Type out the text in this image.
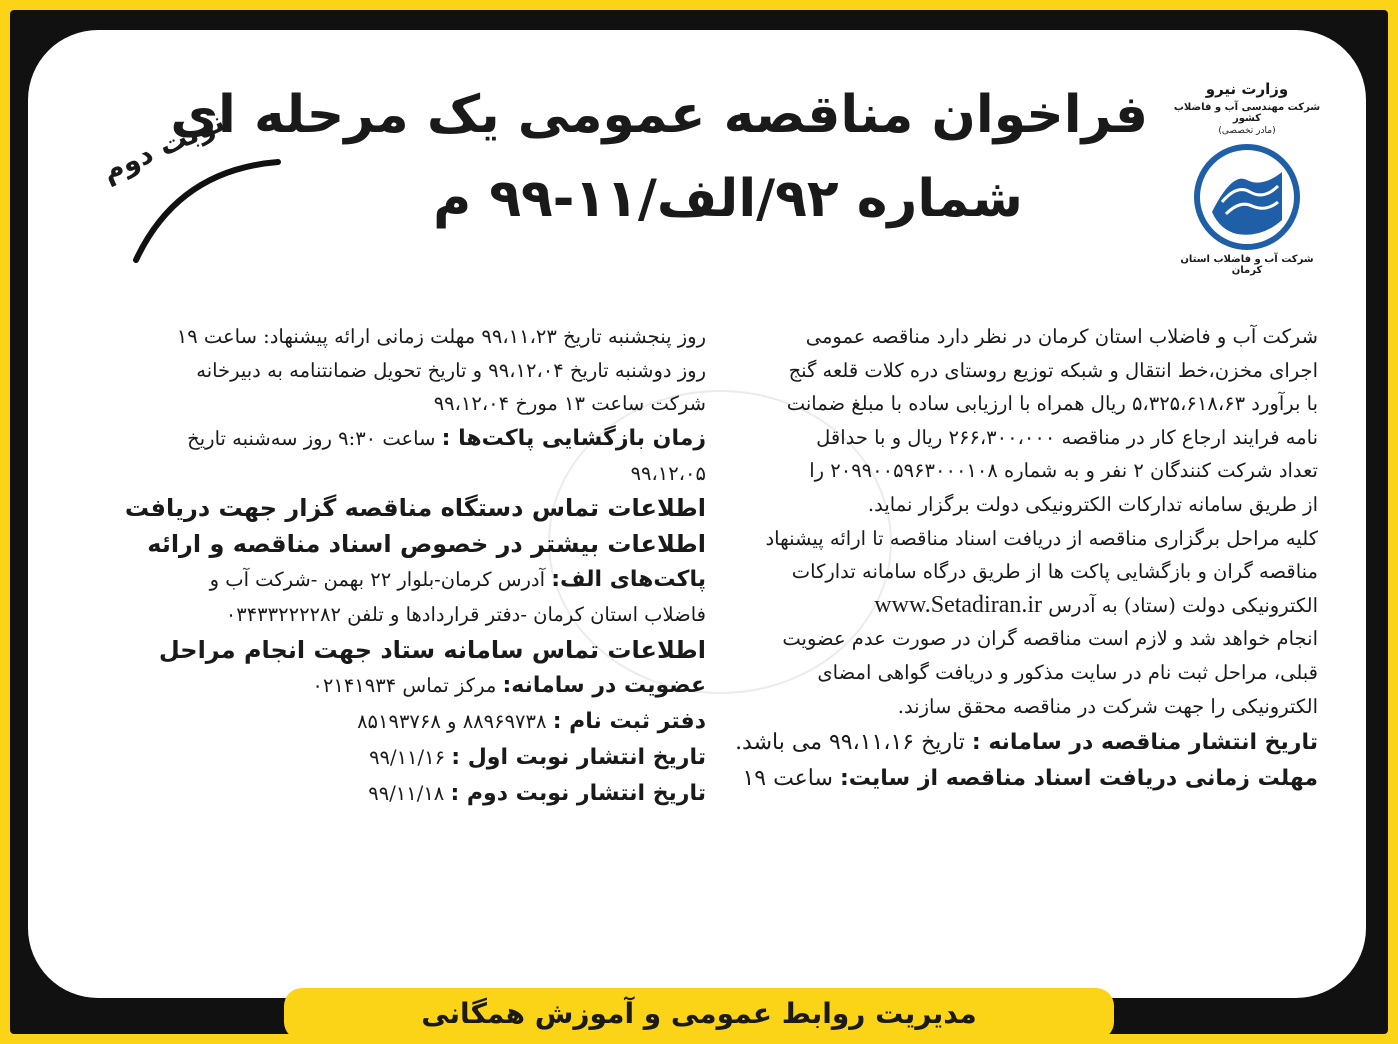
وزارت نیرو
شرکت مهندسی آب و فاضلاب کشور
(مادر تخصصی)
شرکت آب و فاضلاب استان کرمان
فراخوان مناقصه عمومی یک مرحله ای
شماره ۹۲/الف/۱۱-۹۹ م
نوبت دوم
شرکت آب و فاضلاب استان کرمان در نظر دارد مناقصه عمومی
اجرای مخزن،خط انتقال و شبکه توزیع روستای دره کلات قلعه گنج
با برآورد ۵،۳۲۵،۶۱۸،۶۳ ریال همراه با ارزیابی ساده با مبلغ ضمانت
نامه فرایند ارجاع کار در مناقصه ۲۶۶،۳۰۰،۰۰۰ ریال و با حداقل
تعداد شرکت کنندگان ۲ نفر و به شماره ۲۰۹۹۰۰۵۹۶۳۰۰۰۱۰۸ را
از طریق سامانه تدارکات الکترونیکی دولت برگزار نماید.
کلیه مراحل برگزاری مناقصه از دریافت اسناد مناقصه تا ارائه پیشنهاد
مناقصه گران و بازگشایی پاکت ها از طریق درگاه سامانه تدارکات
الکترونیکی دولت (ستاد) به آدرس www.Setadiran.ir
انجام خواهد شد و لازم است مناقصه گران در صورت عدم عضویت
قبلی، مراحل ثبت نام در سایت مذکور و دریافت گواهی امضای
الکترونیکی را جهت شرکت در مناقصه محقق سازند.
تاریخ انتشار مناقصه در سامانه : تاریخ ۹۹،۱۱،۱۶ می باشد.
مهلت زمانی دریافت اسناد مناقصه از سایت: ساعت ۱۹
روز پنجشنبه تاریخ ۹۹،۱۱،۲۳ مهلت زمانی ارائه پیشنهاد: ساعت ۱۹
روز دوشنبه تاریخ ۹۹،۱۲،۰۴ و تاریخ تحویل ضمانتنامه به دبیرخانه
شرکت ساعت ۱۳ مورخ ۹۹،۱۲،۰۴
زمان بازگشایی پاکت‌ها : ساعت ۹:۳۰ روز سه‌شنبه تاریخ
۹۹،۱۲،۰۵
اطلاعات تماس دستگاه مناقصه گزار جهت دریافت
اطلاعات بیشتر در خصوص اسناد مناقصه و ارائه
پاکت‌های الف: آدرس کرمان-بلوار ۲۲ بهمن -شرکت آب و
فاضلاب استان کرمان -دفتر قراردادها و تلفن ۰۳۴۳۳۲۲۲۲۸۲
اطلاعات تماس سامانه ستاد جهت انجام مراحل
عضویت در سامانه: مرکز تماس ۰۲۱۴۱۹۳۴
دفتر ثبت نام : ۸۸۹۶۹۷۳۸ و ۸۵۱۹۳۷۶۸
تاریخ انتشار نوبت اول : ۹۹/۱۱/۱۶
تاریخ انتشار نوبت دوم : ۹۹/۱۱/۱۸
مدیریت روابط عمومی و آموزش همگانی
